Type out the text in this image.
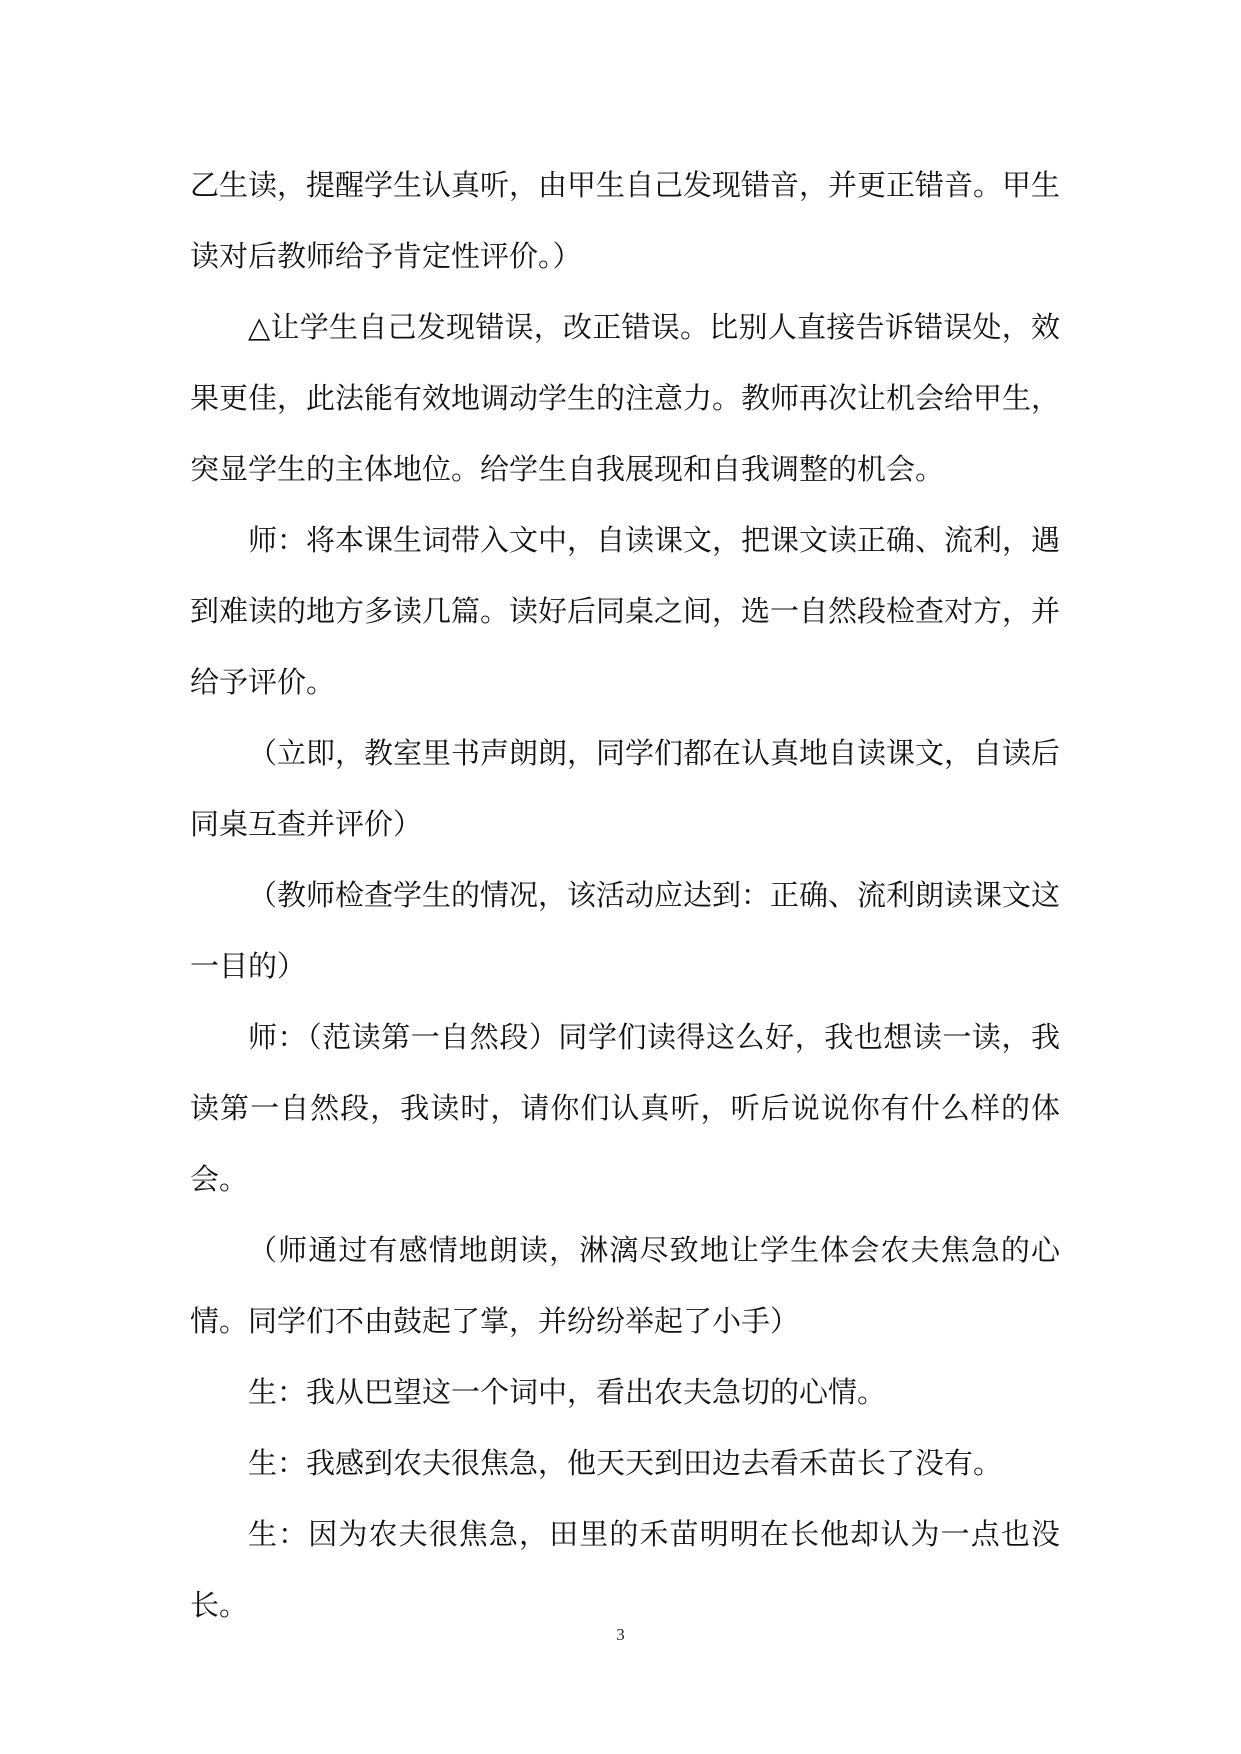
乙生读，提醒学生认真听，由甲生自己发现错音，并更正错音。甲生读对后教师给予肯定性评价。）

△让学生自己发现错误，改正错误。比别人直接告诉错误处，效果更佳，此法能有效地调动学生的注意力。教师再次让机会给甲生，突显学生的主体地位。给学生自我展现和自我调整的机会。

师：将本课生词带入文中，自读课文，把课文读正确、流利，遇到难读的地方多读几篇。读好后同桌之间，选一自然段检查对方，并给予评价。

（立即，教室里书声朗朗，同学们都在认真地自读课文，自读后同桌互查并评价）

（教师检查学生的情况，该活动应达到：正确、流利朗读课文这一目的）

师：（范读第一自然段）同学们读得这么好，我也想读一读，我读第一自然段，我读时，请你们认真听，听后说说你有什么样的体会。

（师通过有感情地朗读，淋漓尽致地让学生体会农夫焦急的心情。同学们不由鼓起了掌，并纷纷举起了小手）

生：我从巴望这一个词中，看出农夫急切的心情。

生：我感到农夫很焦急，他天天到田边去看禾苗长了没有。

生：因为农夫很焦急，田里的禾苗明明在长他却认为一点也没长。

3
